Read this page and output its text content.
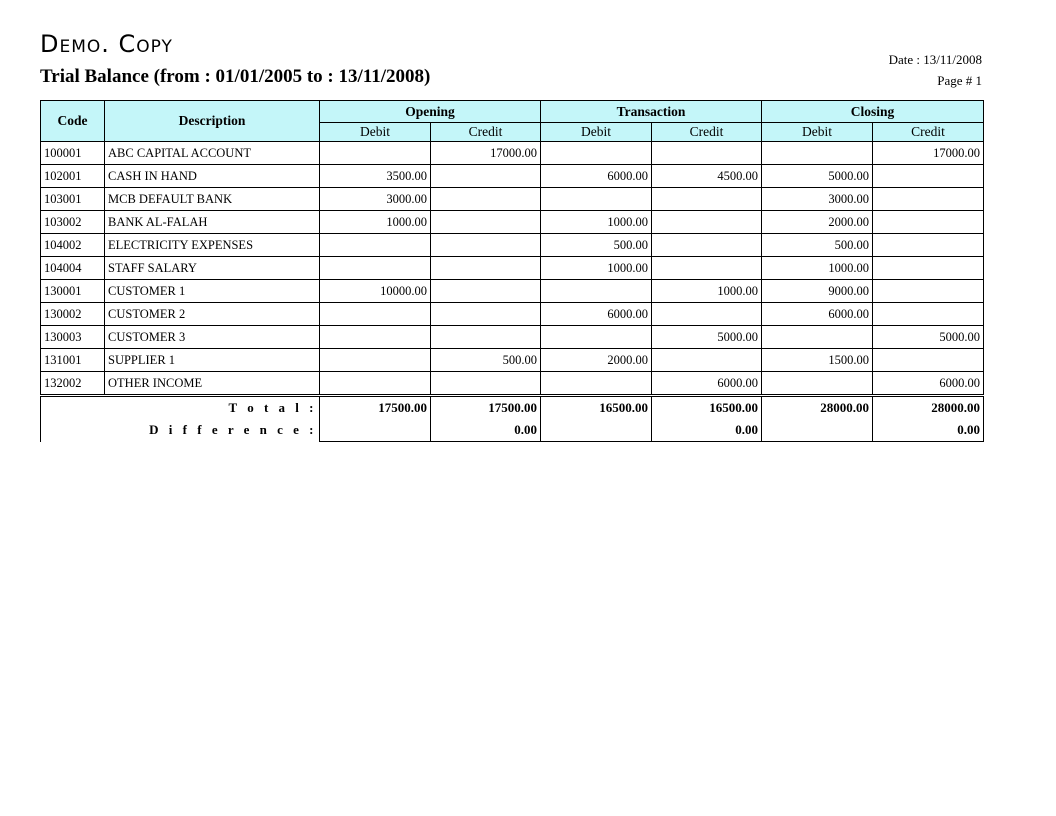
Demo. Copy
Trial Balance (from : 01/01/2005 to : 13/11/2008)
Date : 13/11/2008
Page # 1
Code	Description	Opening		Transaction		Closing	
		Debit	Credit	Debit	Credit	Debit	Credit
100001	ABC CAPITAL ACCOUNT		17000.00				17000.00
102001	CASH IN HAND	3500.00		6000.00	4500.00	5000.00	
103001	MCB DEFAULT BANK	3000.00				3000.00	
103002	BANK AL-FALAH	1000.00		1000.00		2000.00	
104002	ELECTRICITY EXPENSES			500.00		500.00	
104004	STAFF SALARY			1000.00		1000.00	
130001	CUSTOMER 1	10000.00			1000.00	9000.00	
130002	CUSTOMER 2			6000.00		6000.00	
130003	CUSTOMER 3				5000.00		5000.00
131001	SUPPLIER 1		500.00	2000.00		1500.00	
132002	OTHER INCOME				6000.00		6000.00
T o t a l :		17500.00	17500.00	16500.00	16500.00	28000.00	28000.00
D i f f e r e n c e :			0.00		0.00		0.00
